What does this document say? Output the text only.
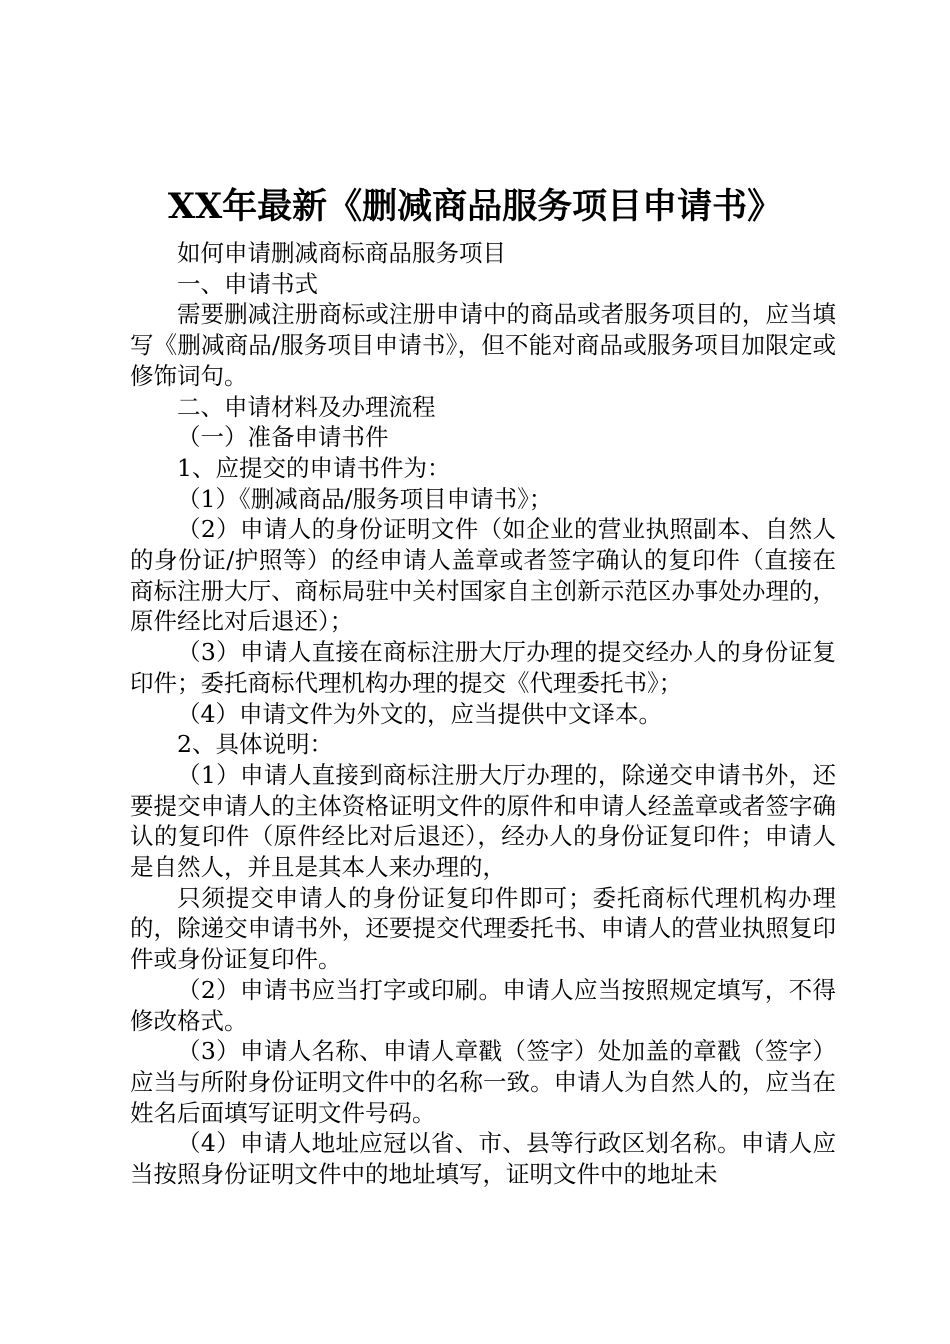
XX年最新《删减商品服务项目申请书》

如何申请删减商标商品服务项目

一、申请书式

需要删减注册商标或注册申请中的商品或者服务项目的，应当填写《删减商品/服务项目申请书》，但不能对商品或服务项目加限定或修饰词句。

二、申请材料及办理流程

（一）准备申请书件

1、应提交的申请书件为：

（1）《删减商品/服务项目申请书》；

（2）申请人的身份证明文件（如企业的营业执照副本、自然人的身份证/护照等）的经申请人盖章或者签字确认的复印件（直接在商标注册大厅、商标局驻中关村国家自主创新示范区办事处办理的，原件经比对后退还）；

（3）申请人直接在商标注册大厅办理的提交经办人的身份证复印件；委托商标代理机构办理的提交《代理委托书》；

（4）申请文件为外文的，应当提供中文译本。

2、具体说明：

（1）申请人直接到商标注册大厅办理的，除递交申请书外，还要提交申请人的主体资格证明文件的原件和申请人经盖章或者签字确认的复印件（原件经比对后退还），经办人的身份证复印件；申请人是自然人，并且是其本人来办理的，

只须提交申请人的身份证复印件即可；委托商标代理机构办理的，除递交申请书外，还要提交代理委托书、申请人的营业执照复印件或身份证复印件。

（2）申请书应当打字或印刷。申请人应当按照规定填写，不得修改格式。

（3）申请人名称、申请人章戳（签字）处加盖的章戳（签字）应当与所附身份证明文件中的名称一致。申请人为自然人的，应当在姓名后面填写证明文件号码。

（4）申请人地址应冠以省、市、县等行政区划名称。申请人应当按照身份证明文件中的地址填写，证明文件中的地址未
